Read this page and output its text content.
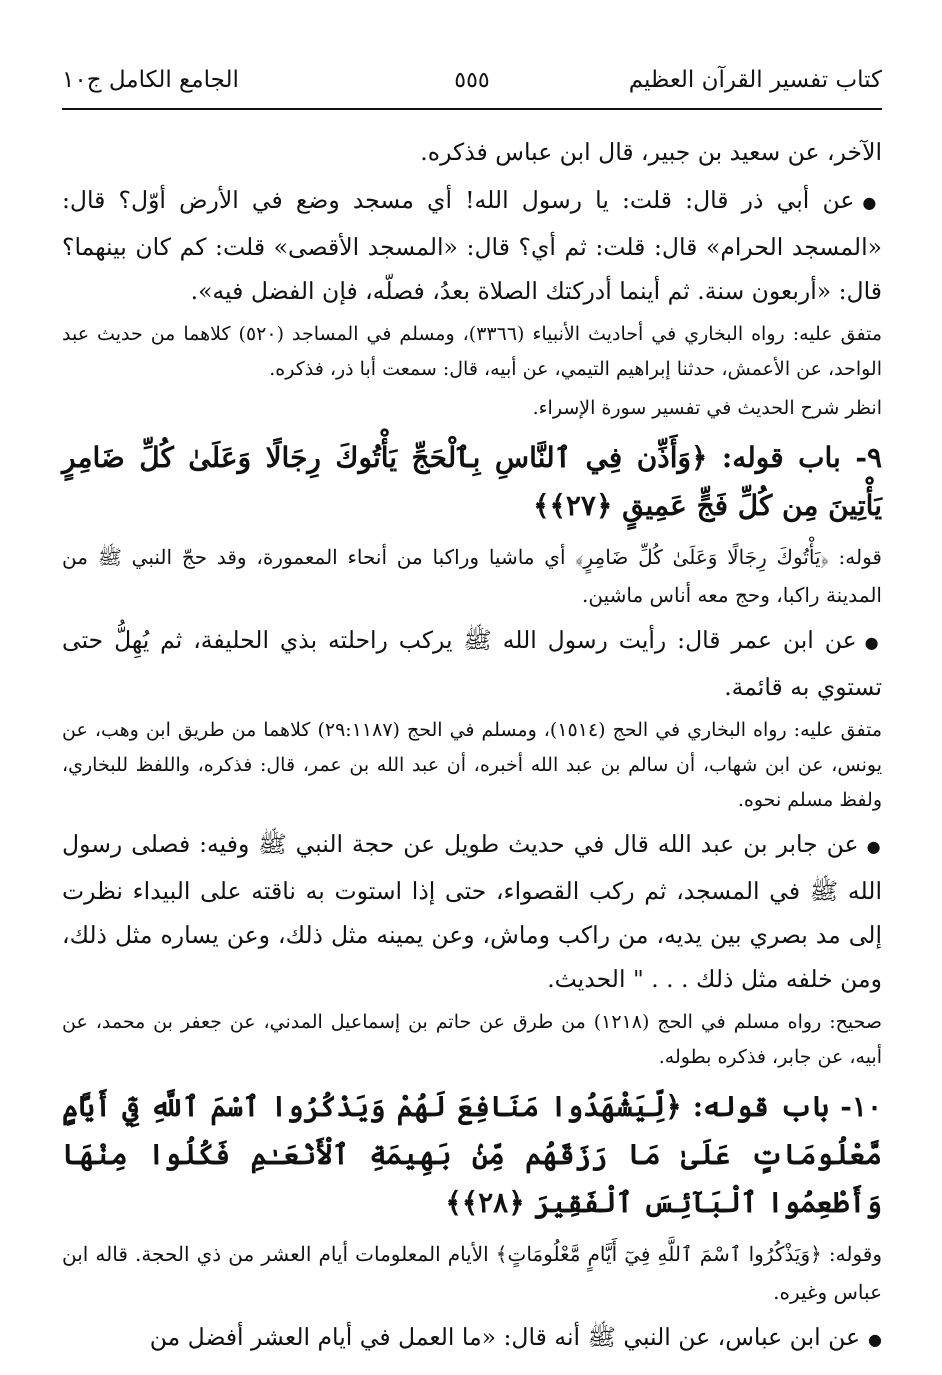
كتاب تفسير القرآن العظيم
٥٥٥
الجامع الكامل ج١٠

الآخر، عن سعيد بن جبير، قال ابن عباس فذكره.

●عن أبي ذر قال: قلت: يا رسول الله! أي مسجد وضع في الأرض أوّل؟ قال: «المسجد الحرام» قال: قلت: ثم أي؟ قال: «المسجد الأقصى» قلت: كم كان بينهما؟ قال: «أربعون سنة. ثم أينما أدركتك الصلاة بعدُ، فصلّه، فإن الفضل فيه».

متفق عليه: رواه البخاري في أحاديث الأنبياء (٣٣٦٦)، ومسلم في المساجد (٥٢٠) كلاهما من حديث عبد الواحد، عن الأعمش، حدثنا إبراهيم التيمي، عن أبيه، قال: سمعت أبا ذر، فذكره.

انظر شرح الحديث في تفسير سورة الإسراء.

٩- باب قوله: ﴿وَأَذِّن فِي ٱلنَّاسِ بِٱلْحَجِّ يَأْتُوكَ رِجَالًا وَعَلَىٰ كُلِّ ضَامِرٍ يَأْتِينَ مِن كُلِّ فَجٍّ عَمِيقٍ ﴿٢٧﴾﴾

قوله: ﴿يَأْتُوكَ رِجَالًا وَعَلَىٰ كُلِّ ضَامِرٍ﴾ أي ماشيا وراكبا من أنحاء المعمورة، وقد حجّ النبي ﷺ من المدينة راكبا، وحج معه أناس ماشين.

●عن ابن عمر قال: رأيت رسول الله ﷺ يركب راحلته بذي الحليفة، ثم يُهِلُّ حتى تستوي به قائمة.

متفق عليه: رواه البخاري في الحج (١٥١٤)، ومسلم في الحج (٢٩:١١٨٧) كلاهما من طريق ابن وهب، عن يونس، عن ابن شهاب، أن سالم بن عبد الله أخبره، أن عبد الله بن عمر، قال: فذكره، واللفظ للبخاري، ولفظ مسلم نحوه.

●عن جابر بن عبد الله قال في حديث طويل عن حجة النبي ﷺ وفيه: فصلى رسول الله ﷺ في المسجد، ثم ركب القصواء، حتى إذا استوت به ناقته على البيداء نظرت إلى مد بصري بين يديه، من راكب وماش، وعن يمينه مثل ذلك، وعن يساره مثل ذلك، ومن خلفه مثل ذلك . . . " الحديث.

صحيح: رواه مسلم في الحج (١٢١٨) من طرق عن حاتم بن إسماعيل المدني، عن جعفر بن محمد، عن أبيه، عن جابر، فذكره بطوله.

١٠- باب قوله: ﴿لِّيَشْهَدُوا مَنَافِعَ لَهُمْ وَيَذْكُرُوا ٱسْمَ ٱللَّهِ فِيٓ أَيَّامٍ مَّعْلُومَاتٍ عَلَىٰ مَا رَزَقَهُم مِّنۢ بَهِيمَةِ ٱلْأَنْعَـٰمِ فَكُلُوا مِنْهَا وَأَطْعِمُوا ٱلْبَآئِسَ ٱلْفَقِيرَ ﴿٢٨﴾﴾

وقوله: ﴿وَيَذْكُرُوا ٱسْمَ ٱللَّهِ فِيٓ أَيَّامٍ مَّعْلُومَاتٍ﴾ الأيام المعلومات أيام العشر من ذي الحجة. قاله ابن عباس وغيره.

●عن ابن عباس، عن النبي ﷺ أنه قال: «ما العمل في أيام العشر أفضل من
